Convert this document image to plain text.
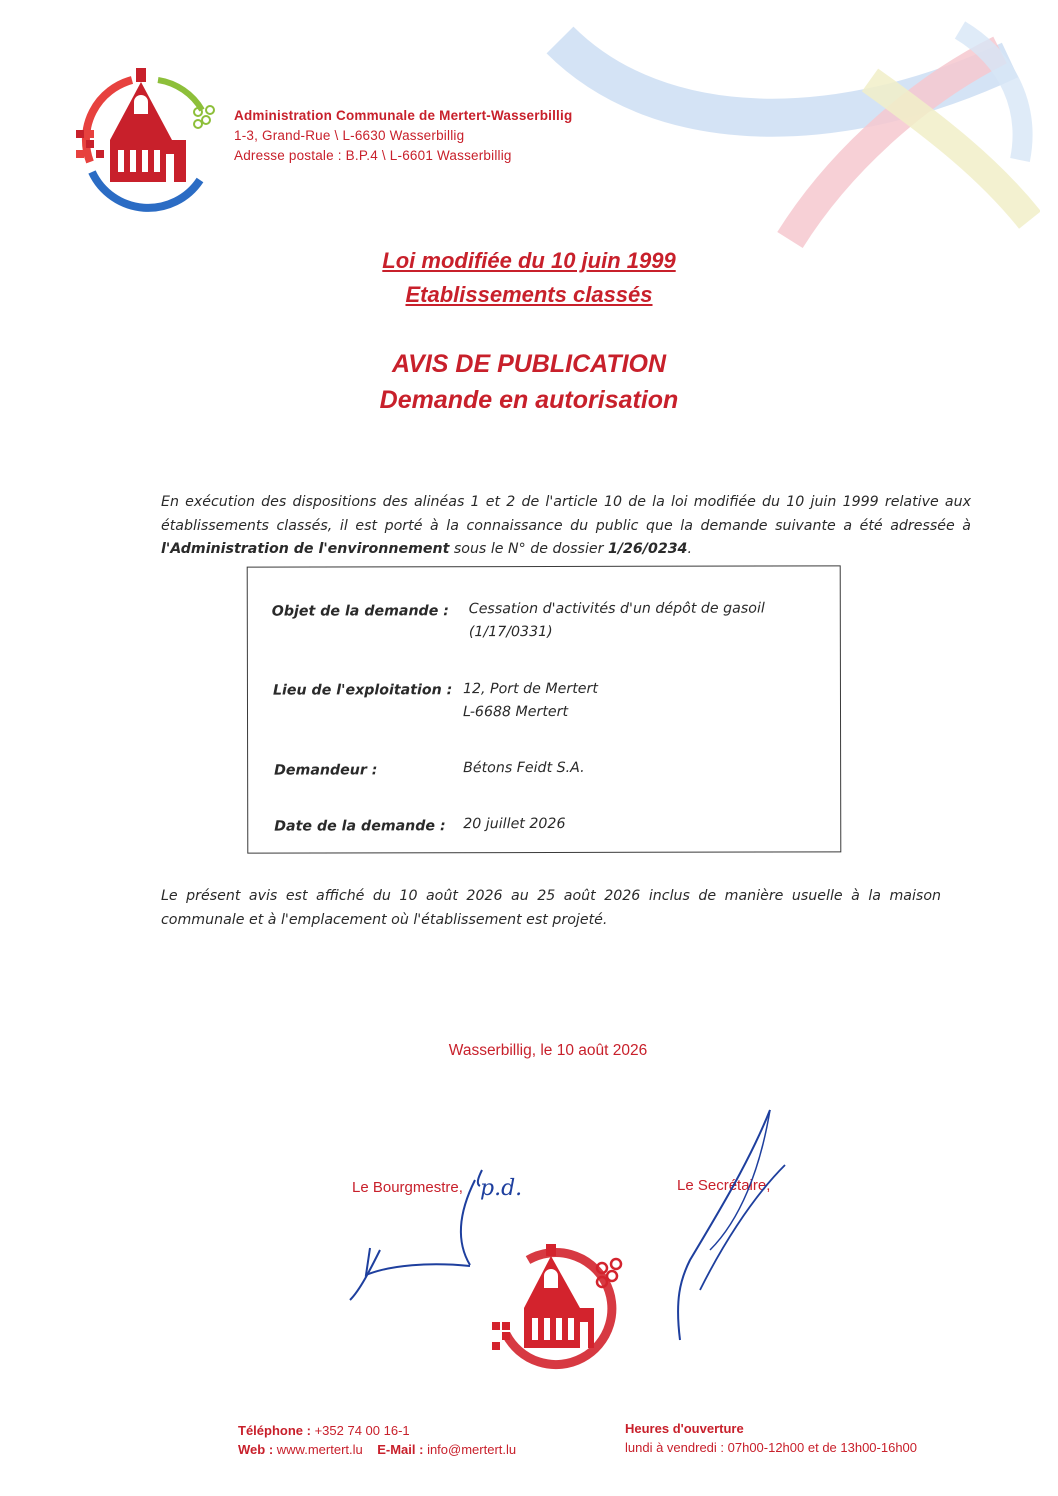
Administration Communale de Mertert-Wasserbillig
1-3, Grand-Rue \ L-6630 Wasserbillig
Adresse postale : B.P.4 \ L-6601 Wasserbillig
Loi modifiée du 10 juin 1999
Etablissements classés
AVIS DE PUBLICATION
Demande en autorisation
En exécution des dispositions des alinéas 1 et 2 de l'article 10 de la loi modifiée du 10 juin 1999 relative aux établissements classés, il est porté à la connaissance du public que la demande suivante a été adressée à l'Administration de l'environnement sous le N° de dossier 1/26/0234.
Objet de la demande : Cessation d'activités d'un dépôt de gasoil
(1/17/0331)
Lieu de l'exploitation : 12, Port de Mertert
L-6688 Mertert
Demandeur :	Bétons Feidt S.A.
Date de la demande : 20 juillet 2026
Le présent avis est affiché du 10 août 2026 au 25 août 2026 inclus de manière usuelle à la maison communale et à l'emplacement où l'établissement est projeté.
Wasserbillig, le 10 août 2026
Le Bourgmestre,	Le Secrétaire,
p.d.
Téléphone : +352 74 00 16-1
Web : www.mertert.lu E-Mail : info@mertert.lu
Heures d'ouverture
lundi à vendredi : 07h00-12h00 et de 13h00-16h00
